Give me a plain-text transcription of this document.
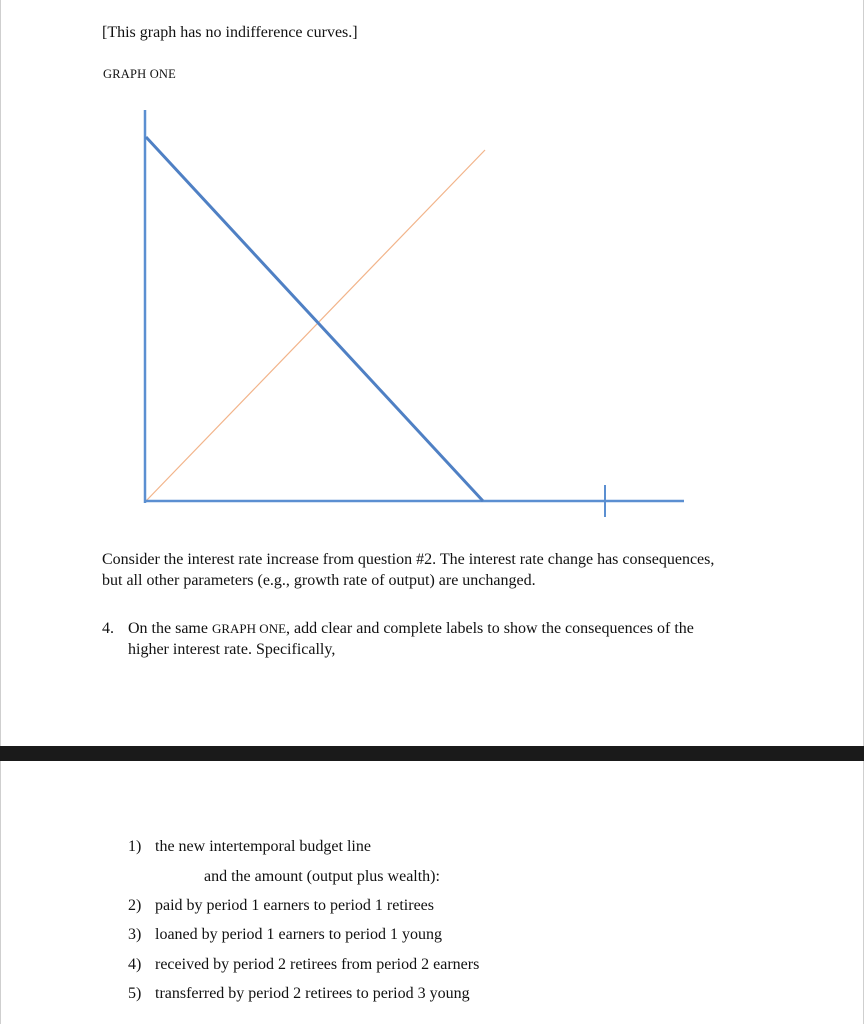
[This graph has no indifference curves.]
GRAPH ONE
Consider the interest rate increase from question #2. The interest rate change has consequences,
but all other parameters (e.g., growth rate of output) are unchanged.
4. On the same GRAPH ONE, add clear and complete labels to show the consequences of the
higher interest rate. Specifically,
1) the new intertemporal budget line
and the amount (output plus wealth):
2) paid by period 1 earners to period 1 retirees
3) loaned by period 1 earners to period 1 young
4) received by period 2 retirees from period 2 earners
5) transferred by period 2 retirees to period 3 young
